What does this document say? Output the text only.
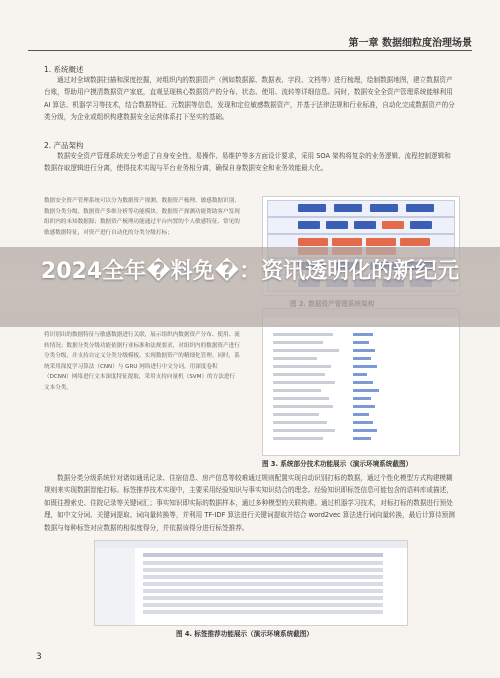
第一章 数据细粒度治理场景
1. 系统概述
通过对全域数据扫描和深度挖掘，对组织内的数据资产（例如数据源、数据表、字段、文档等）进行梳理，绘制数据地图，建立数据资产台账，帮助用户摸清数据资产家底，直观呈现核心数据资产的分布、状态、使用、流转等详细信息。同时，数据安全全资产管理系统能够利用 AI 算法、机器学习等技术，结合数据特征、元数据等信息，发现和定位敏感数据资产，并基于法律法规和行业标准，自动化完成数据资产的分类分级，为企业或组织构建数据安全运营体系打下坚实的基础。
2. 产品架构
数据安全资产管理系统充分考虑了自身安全性、易操作、易维护等多方面设计要求，采用 SOA 架构将复杂的业务逻辑、流程控制逻辑和数据存取逻辑进行分离，使得技术实现与平台业务相分离，确保自身数据安全和业务效能最大化。
数据安全资产管理系统可以分为数据资产探测、数据资产梳理、敏感数据识别、数据分类分级、数据资产多维分析等功能模块。数据资产探测功能帮助客户发现组织内的未知数据源；数据资产梳理功能通过平台内置的个人敏感特征、常见的敏感数据特征，对资产进行自动化的分类分级打标；
将识别出的数据特征与敏感数据进行关联，展示组织内数据资产分布、使用、流转情况；数据分类分级功能依据行业标准和法规要求，对组织内的数据资产进行分类分级，并支持自定义分类分级模板，实现数据资产的精细化管理。同时，系统采用深度学习算法（CNN）与 GRU 网络进行中文分词，用深度卷积（DCNN）网络进行文本深度特征提取，采用支持向量机（SVM）的方法进行文本分类。
图 3. 系统部分技术功能展示（演示环境系统截图）
数据分类分级系统针对诸如通讯记录、住宿信息、房产信息等较难通过规则配置实现自动识别打标的数据，通过个性化模型方式构建模糊规则来实现数据智能打标。标签推荐技术实现中，主要采用经验知识与事实知识结合的理念。经验知识即标签信息可能包含的语料库或描述，如既往搜索史、住院记录等关键词汇；事实知识即实际的数据样本，通过多种模型的关联构建。通过机器学习技术，对标打标的数据进行预处理，如中文分词、关键词提取、词向量转换等，并利用 TF-IDF 算法进行关键词提取并结合 word2vec 算法进行词向量转换，最后计算待预测数据与每种标签对应数据的相似度得分，并依据该得分进行标签推荐。
图 4. 标签推荐功能展示（演示环境系统截图）
3
2024全年�料免�：资讯透明化的新纪元
